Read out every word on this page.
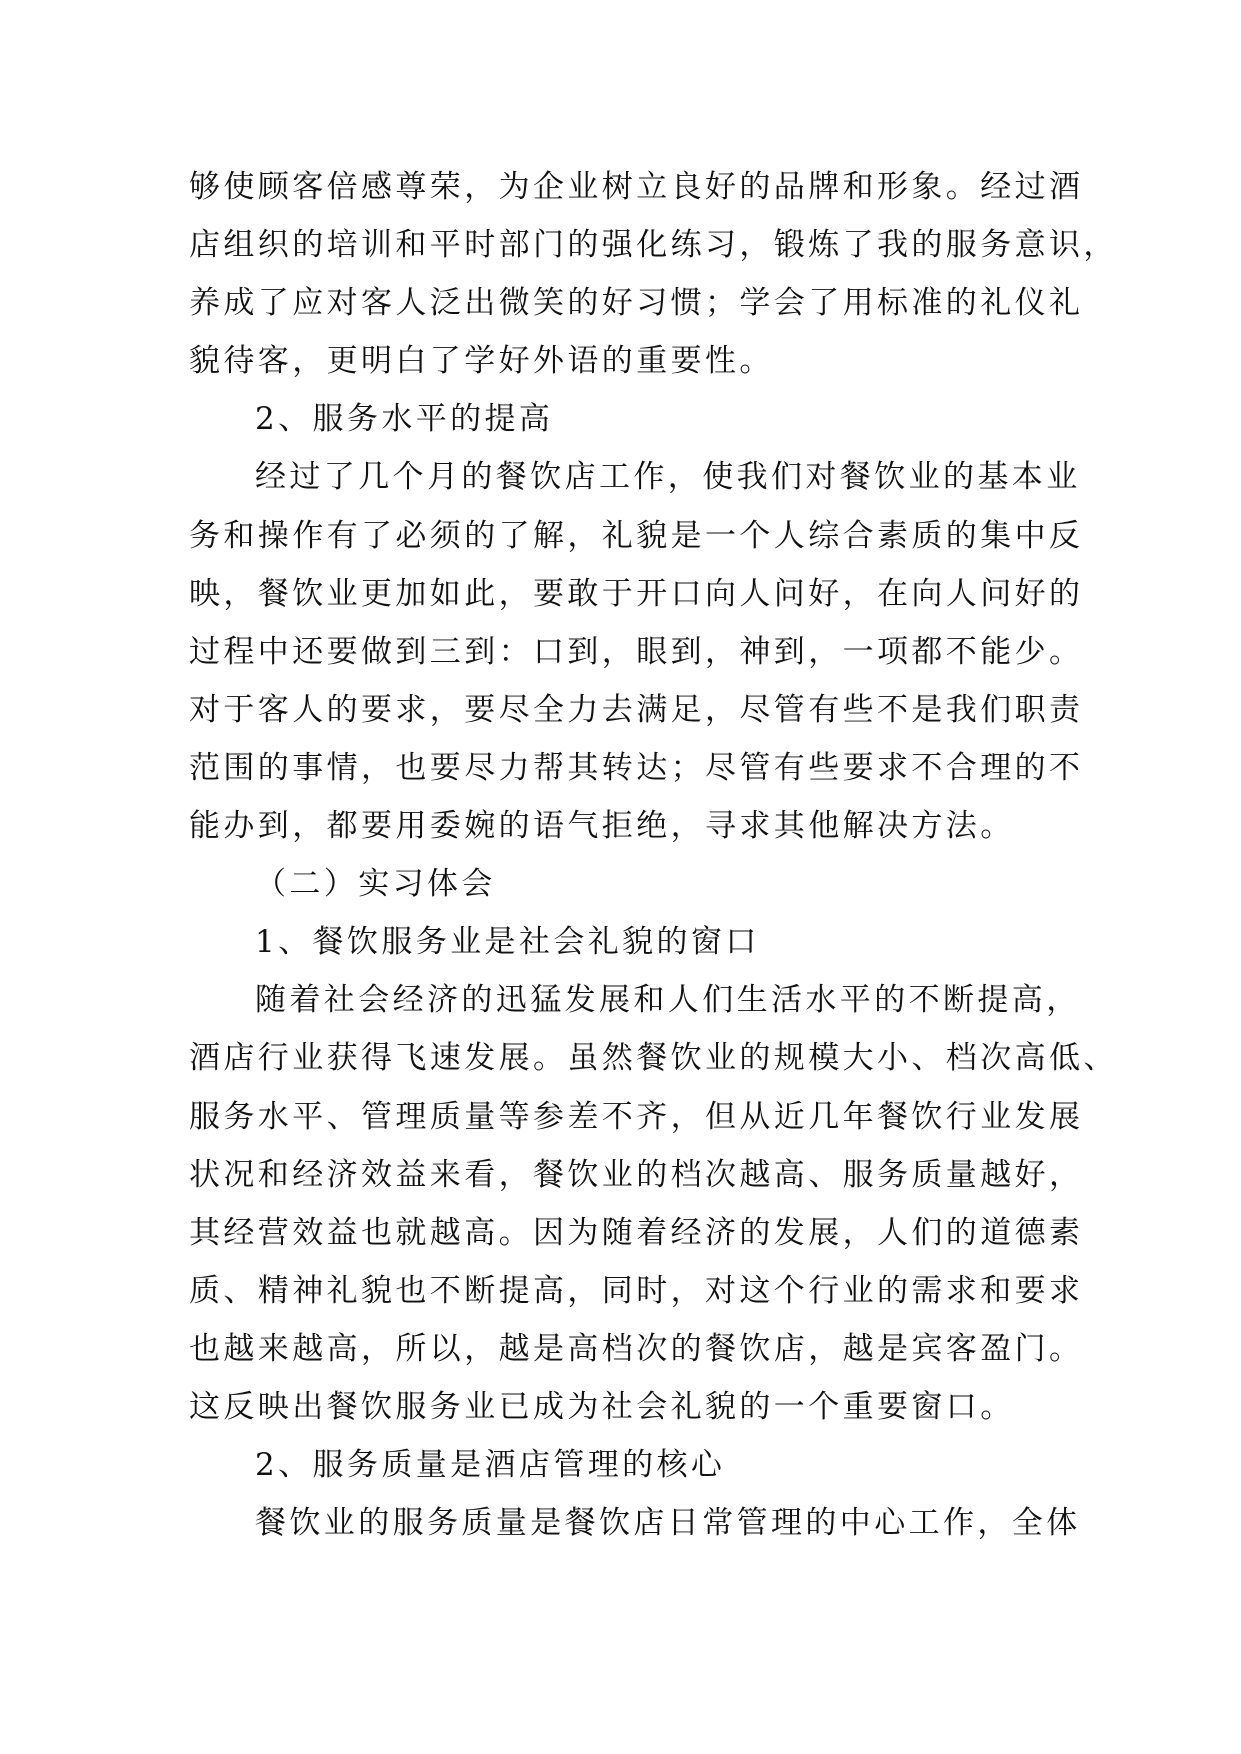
够使顾客倍感尊荣，为企业树立良好的品牌和形象。经过酒
店组织的培训和平时部门的强化练习，锻炼了我的服务意识，
养成了应对客人泛出微笑的好习惯；学会了用标准的礼仪礼
貌待客，更明白了学好外语的重要性。
2、服务水平的提高
经过了几个月的餐饮店工作，使我们对餐饮业的基本业
务和操作有了必须的了解，礼貌是一个人综合素质的集中反
映，餐饮业更加如此，要敢于开口向人问好，在向人问好的
过程中还要做到三到：口到，眼到，神到，一项都不能少。
对于客人的要求，要尽全力去满足，尽管有些不是我们职责
范围的事情，也要尽力帮其转达；尽管有些要求不合理的不
能办到，都要用委婉的语气拒绝，寻求其他解决方法。
（二）实习体会
1、餐饮服务业是社会礼貌的窗口
随着社会经济的迅猛发展和人们生活水平的不断提高，
酒店行业获得飞速发展。虽然餐饮业的规模大小、档次高低、
服务水平、管理质量等参差不齐，但从近几年餐饮行业发展
状况和经济效益来看，餐饮业的档次越高、服务质量越好，
其经营效益也就越高。因为随着经济的发展，人们的道德素
质、精神礼貌也不断提高，同时，对这个行业的需求和要求
也越来越高，所以，越是高档次的餐饮店，越是宾客盈门。
这反映出餐饮服务业已成为社会礼貌的一个重要窗口。
2、服务质量是酒店管理的核心
餐饮业的服务质量是餐饮店日常管理的中心工作，全体
